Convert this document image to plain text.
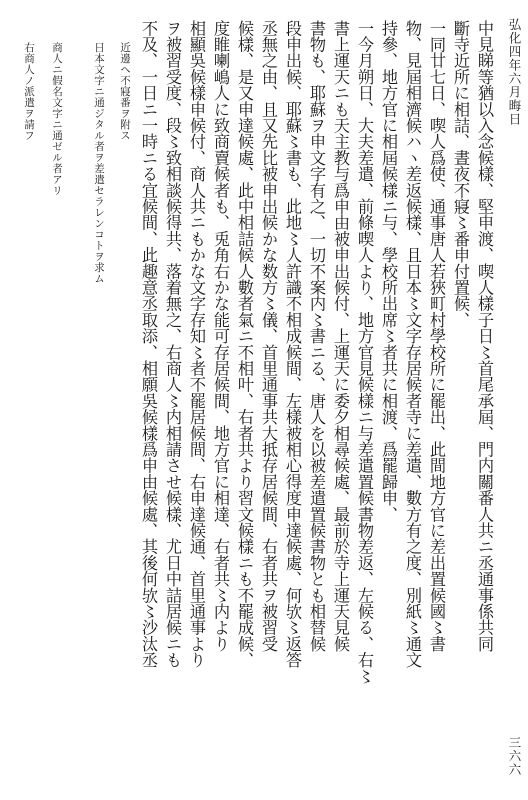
弘化四年六月晦日
三六六
中見睇等猶以入念候樣、堅申渡、喫人樣子日〻首尾承屆、門内關番人共ニ丞通事係共同
斷寺近所に相詰、晝夜不寢〻番申付置候、
一同廿七日、喫人爲使、通事唐人若狹町村學校所に罷出、此間地方官に差出置候國〻書
物、見屆相濟候ハヽ差返候樣、且日本〻文字存居候者寺に差遣、數方有之度、別紙〻通文
持參、地方官に相屆候樣ニ与、學校所出席〻者共に相渡、爲罷歸申、
一今月朔日、大夫差遣、前條喫人より、地方官見候樣ニ与差遣置候書物差返、左候る、右〻
書上運天ニも天主教与爲申由被申出候付、上運天に委夕相尋候處、最前於寺上運天見候
書物も、耶蘇ヲ申文字有之、一切不案内〻書ニる、唐人を以被差遣置候書物とも相替候
段申出候、耶蘇〻書も、此地〻人許識不相成候間、左樣被相心得度申達候處、何欤〻返答
丞無之由、且又先比被申出候かな数方〻儀、首里通事共大抵存居候間、右者共ヲ被習受
候樣、是又申達候處、此中相詰候人數者氣ニ不相叶、右者共より習文候樣ニも不罷成候、
度睢喇嶋人に致商賣候者も、兎角右かな能可存居候間、地方官に相達、右者共〻内より
相顯吳候樣申候付、商人共ニもかな文字存知〻者不罷居候間、右申達候通、首里通事より
ヲ被習受度、段〻致相談候得共、落着無之、右商人〻内相請させ候樣、尤日中詰居候ニも
不及、一日ニ一時ニる宜候間、此趣意丞取添、相願吳候樣爲申由候處、其後何欤〻沙汰丞
近邊へ不寢番ヲ附ス
日本文字ニ通ジタル者ヲ差遣セラレンコトヲ求ム
商人ニ假名文字ニ通ゼル者アリ
右商人ノ派遣ヲ請フ
